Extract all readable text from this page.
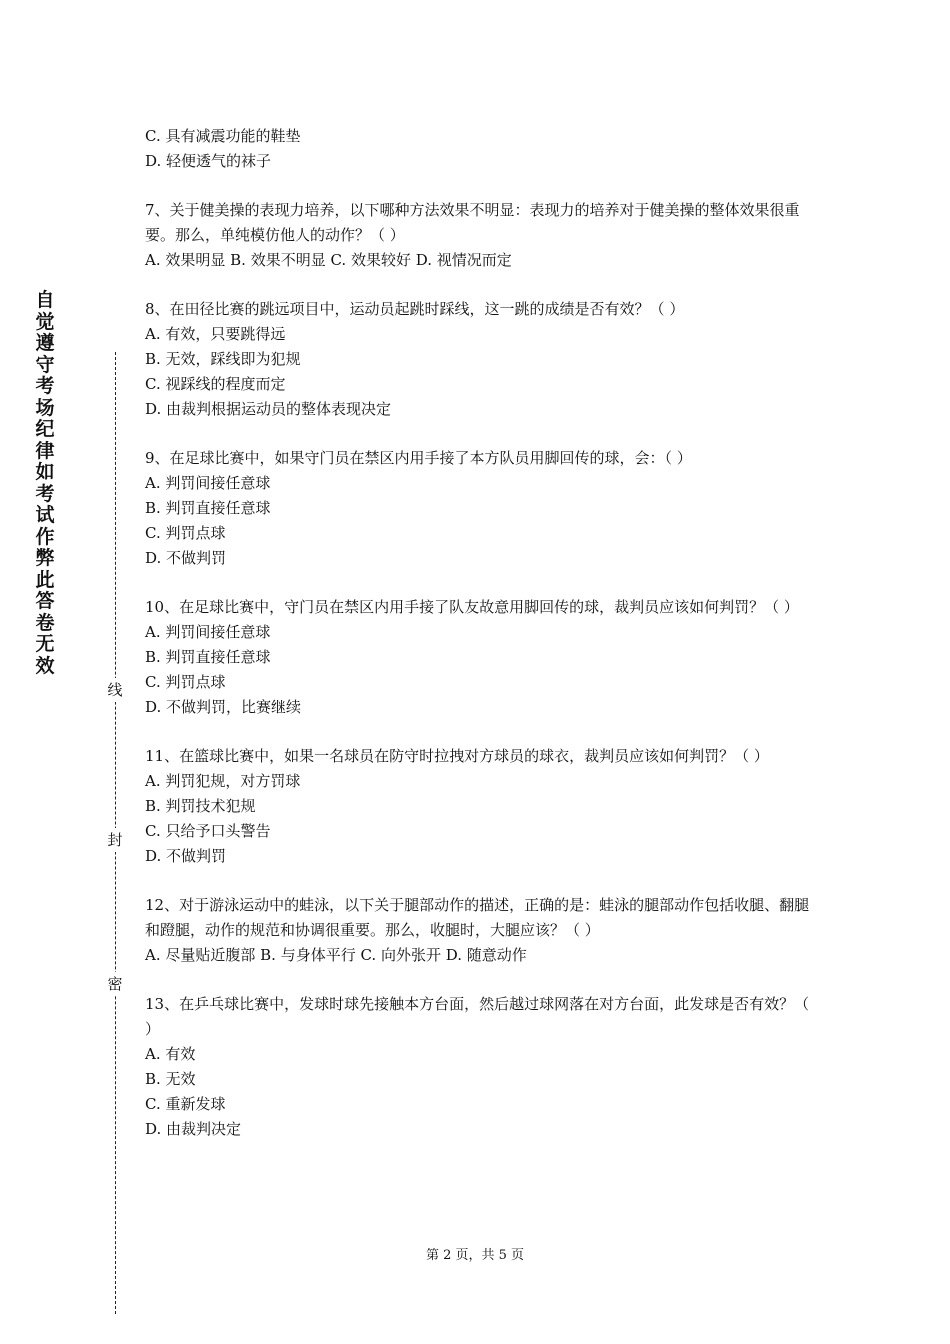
自
觉
遵
守
考
场
纪
律
如
考
试
作
弊
此
答
卷
无
效
线
封
密

C. 具有减震功能的鞋垫

D. 轻便透气的袜子

7、关于健美操的表现力培养，以下哪种方法效果不明显：表现力的培养对于健美操的整体效果很重要。那么，单纯模仿他人的动作？（ ）

A. 效果明显 B. 效果不明显 C. 效果较好 D. 视情况而定

8、在田径比赛的跳远项目中，运动员起跳时踩线，这一跳的成绩是否有效？（ ）

A. 有效，只要跳得远

B. 无效，踩线即为犯规

C. 视踩线的程度而定

D. 由裁判根据运动员的整体表现决定

9、在足球比赛中，如果守门员在禁区内用手接了本方队员用脚回传的球，会：（ ）

A. 判罚间接任意球

B. 判罚直接任意球

C. 判罚点球

D. 不做判罚

10、在足球比赛中，守门员在禁区内用手接了队友故意用脚回传的球，裁判员应该如何判罚？（ ）

A. 判罚间接任意球

B. 判罚直接任意球

C. 判罚点球

D. 不做判罚，比赛继续

11、在篮球比赛中，如果一名球员在防守时拉拽对方球员的球衣，裁判员应该如何判罚？（ ）

A. 判罚犯规，对方罚球

B. 判罚技术犯规

C. 只给予口头警告

D. 不做判罚

12、对于游泳运动中的蛙泳，以下关于腿部动作的描述，正确的是：蛙泳的腿部动作包括收腿、翻腿和蹬腿，动作的规范和协调很重要。那么，收腿时，大腿应该？（ ）

A. 尽量贴近腹部 B. 与身体平行 C. 向外张开 D. 随意动作

13、在乒乓球比赛中，发球时球先接触本方台面，然后越过球网落在对方台面，此发球是否有效？（ ）

A. 有效

B. 无效

C. 重新发球

D. 由裁判决定

第 2 页，共 5 页
